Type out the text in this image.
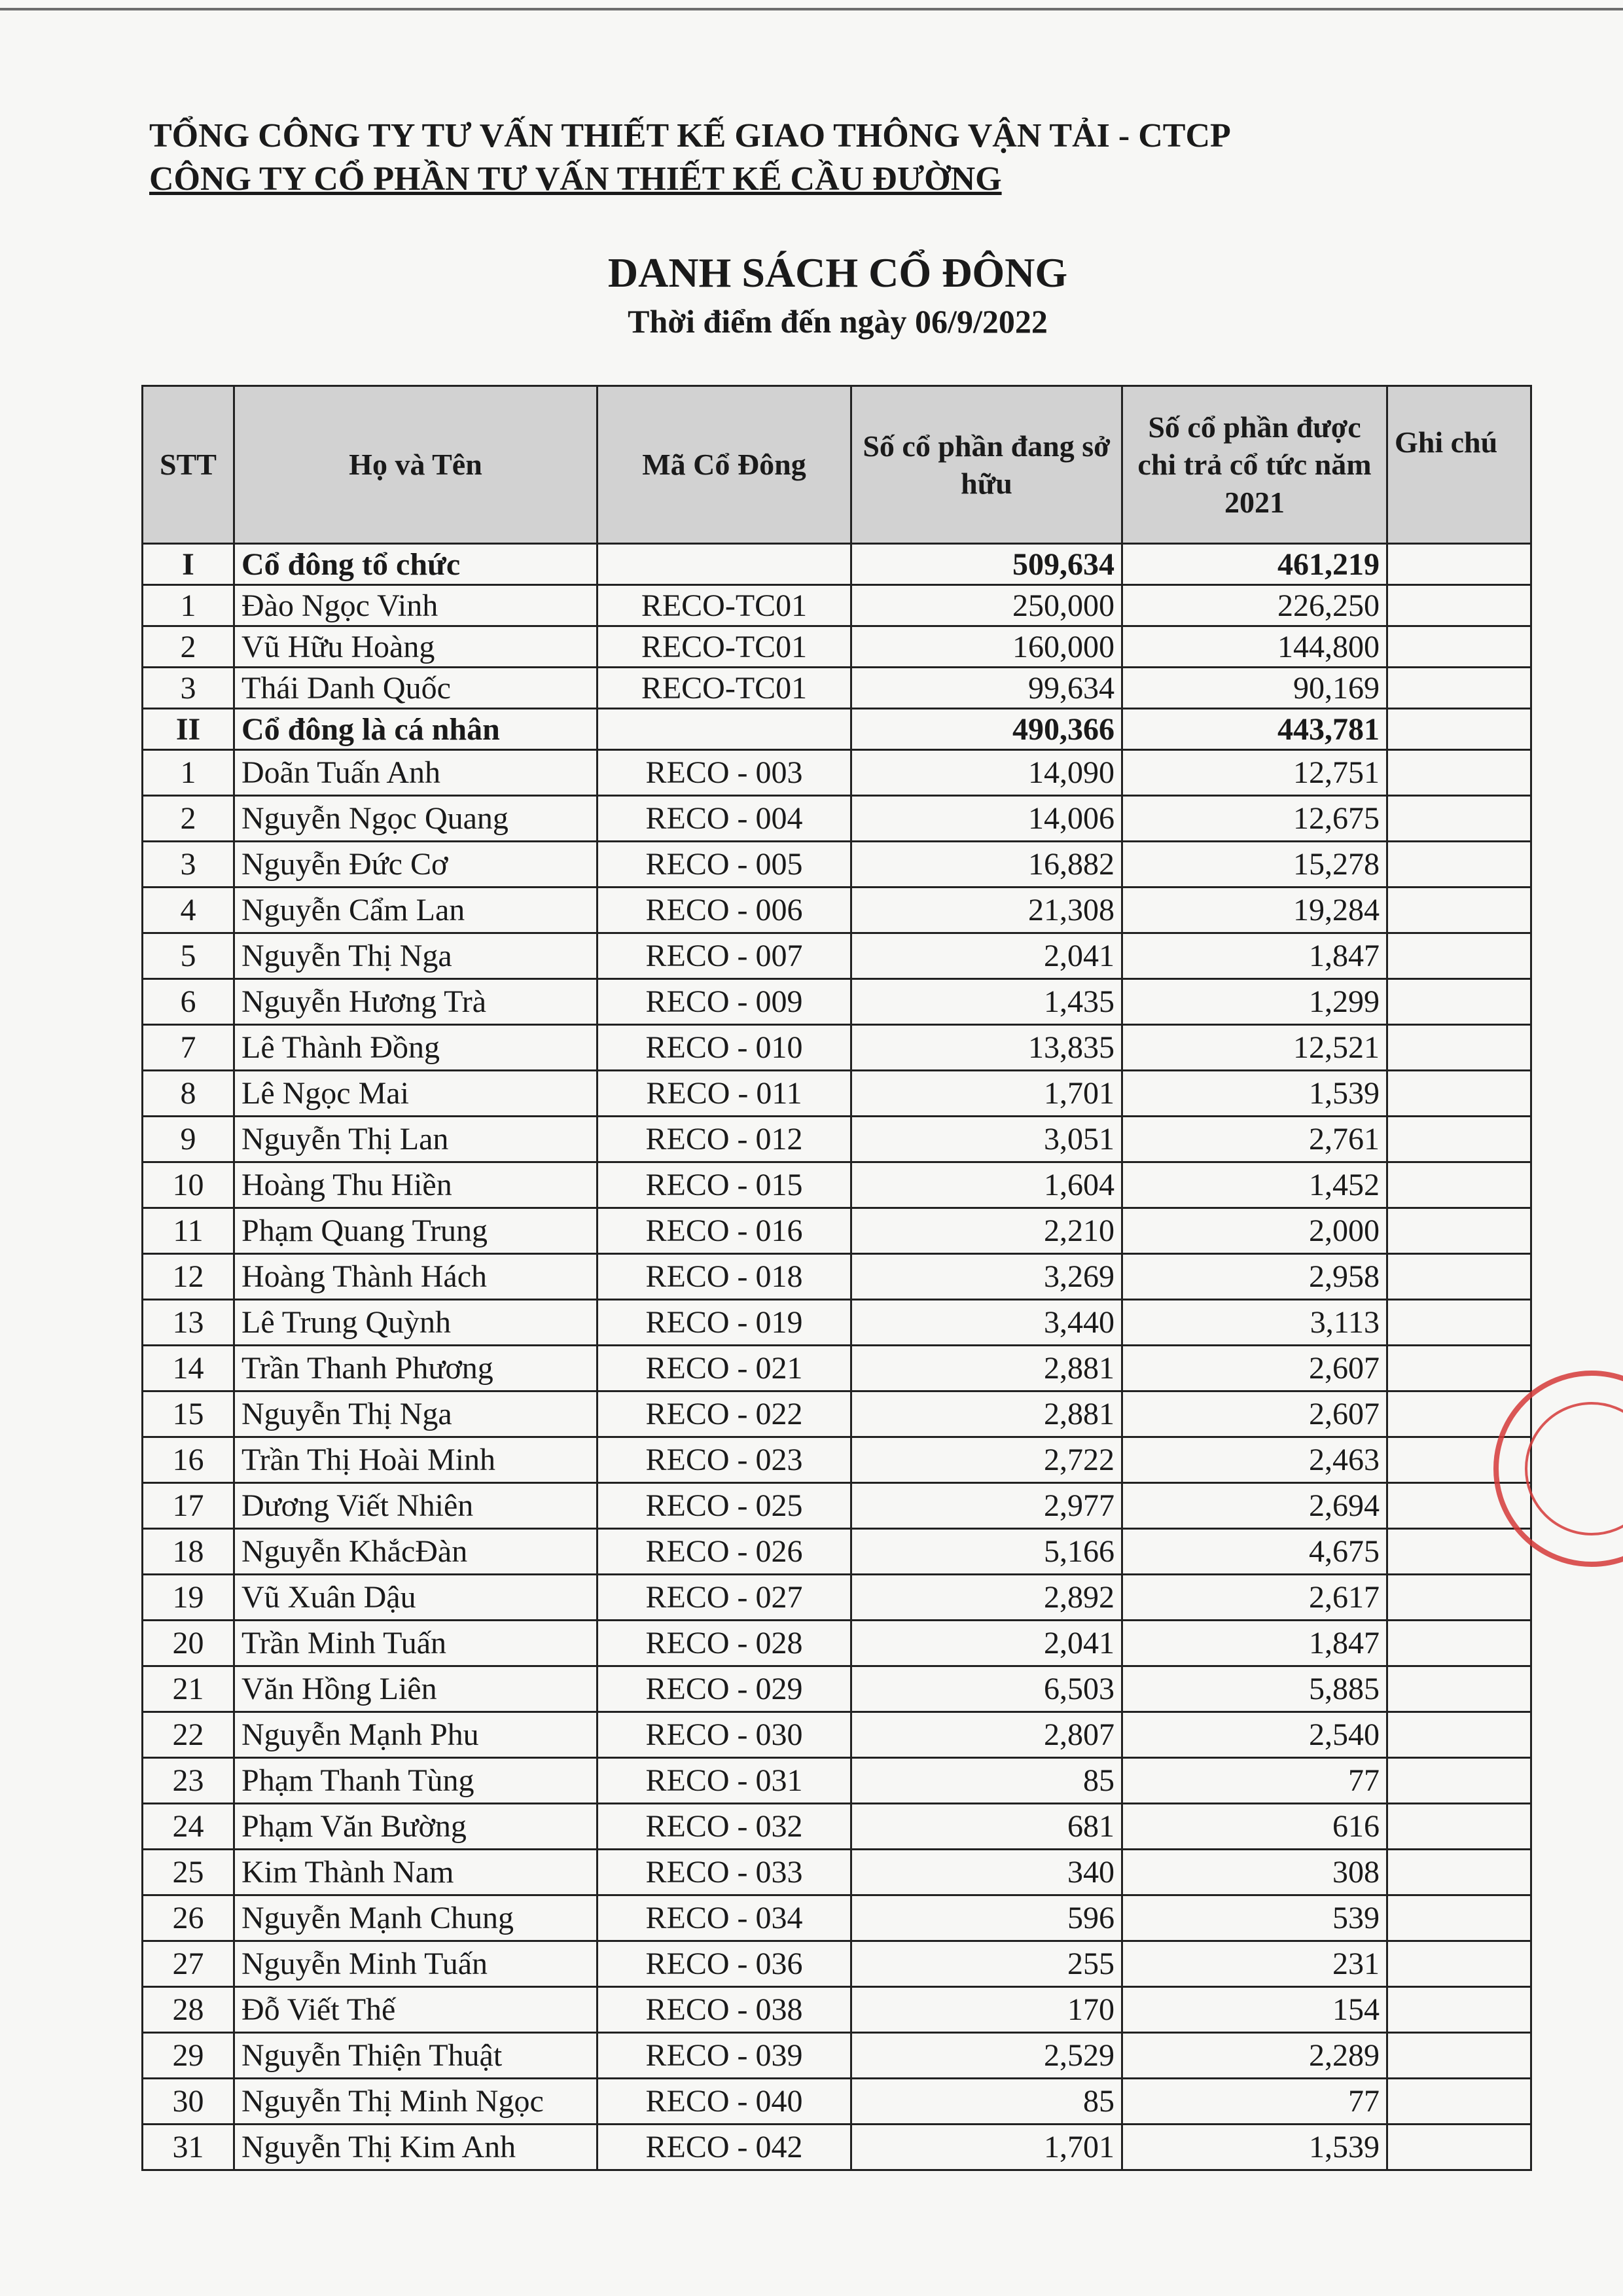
TỔNG CÔNG TY TƯ VẤN THIẾT KẾ GIAO THÔNG VẬN TẢI - CTCP
CÔNG TY CỔ PHẦN TƯ VẤN THIẾT KẾ CẦU ĐƯỜNG
DANH SÁCH CỔ ĐÔNG
Thời điểm đến ngày 06/9/2022
STT	Họ và Tên	Mã Cổ Đông	Số cổ phần đang sở hữu	Số cổ phần được chi trả cổ tức năm 2021	Ghi chú
I	Cổ đông tổ chức		509,634	461,219	
1	Đào Ngọc Vinh	RECO-TC01	250,000	226,250	
2	Vũ Hữu Hoàng	RECO-TC01	160,000	144,800	
3	Thái Danh Quốc	RECO-TC01	99,634	90,169	
II	Cổ đông là cá nhân		490,366	443,781	
1	Doãn Tuấn Anh	RECO - 003	14,090	12,751	
2	Nguyễn Ngọc Quang	RECO - 004	14,006	12,675	
3	Nguyễn Đức Cơ	RECO - 005	16,882	15,278	
4	Nguyễn Cẩm Lan	RECO - 006	21,308	19,284	
5	Nguyễn Thị Nga	RECO - 007	2,041	1,847	
6	Nguyễn Hương Trà	RECO - 009	1,435	1,299	
7	Lê Thành Đồng	RECO - 010	13,835	12,521	
8	Lê Ngọc Mai	RECO - 011	1,701	1,539	
9	Nguyễn Thị Lan	RECO - 012	3,051	2,761	
10	Hoàng Thu Hiền	RECO - 015	1,604	1,452	
11	Phạm Quang Trung	RECO - 016	2,210	2,000	
12	Hoàng Thành Hách	RECO - 018	3,269	2,958	
13	Lê Trung Quỳnh	RECO - 019	3,440	3,113	
14	Trần Thanh Phương	RECO - 021	2,881	2,607	
15	Nguyễn Thị Nga	RECO - 022	2,881	2,607	
16	Trần Thị Hoài Minh	RECO - 023	2,722	2,463	
17	Dương Viết Nhiên	RECO - 025	2,977	2,694	
18	Nguyễn KhắcĐàn	RECO - 026	5,166	4,675	
19	Vũ Xuân Dậu	RECO - 027	2,892	2,617	
20	Trần Minh Tuấn	RECO - 028	2,041	1,847	
21	Văn Hồng Liên	RECO - 029	6,503	5,885	
22	Nguyễn Mạnh Phu	RECO - 030	2,807	2,540	
23	Phạm Thanh Tùng	RECO - 031	85	77	
24	Phạm Văn Bường	RECO - 032	681	616	
25	Kim Thành Nam	RECO - 033	340	308	
26	Nguyễn Mạnh Chung	RECO - 034	596	539	
27	Nguyễn Minh Tuấn	RECO - 036	255	231	
28	Đỗ Viết Thế	RECO - 038	170	154	
29	Nguyễn Thiện Thuật	RECO - 039	2,529	2,289	
30	Nguyễn Thị Minh Ngọc	RECO - 040	85	77	
31	Nguyễn Thị Kim Anh	RECO - 042	1,701	1,539	
